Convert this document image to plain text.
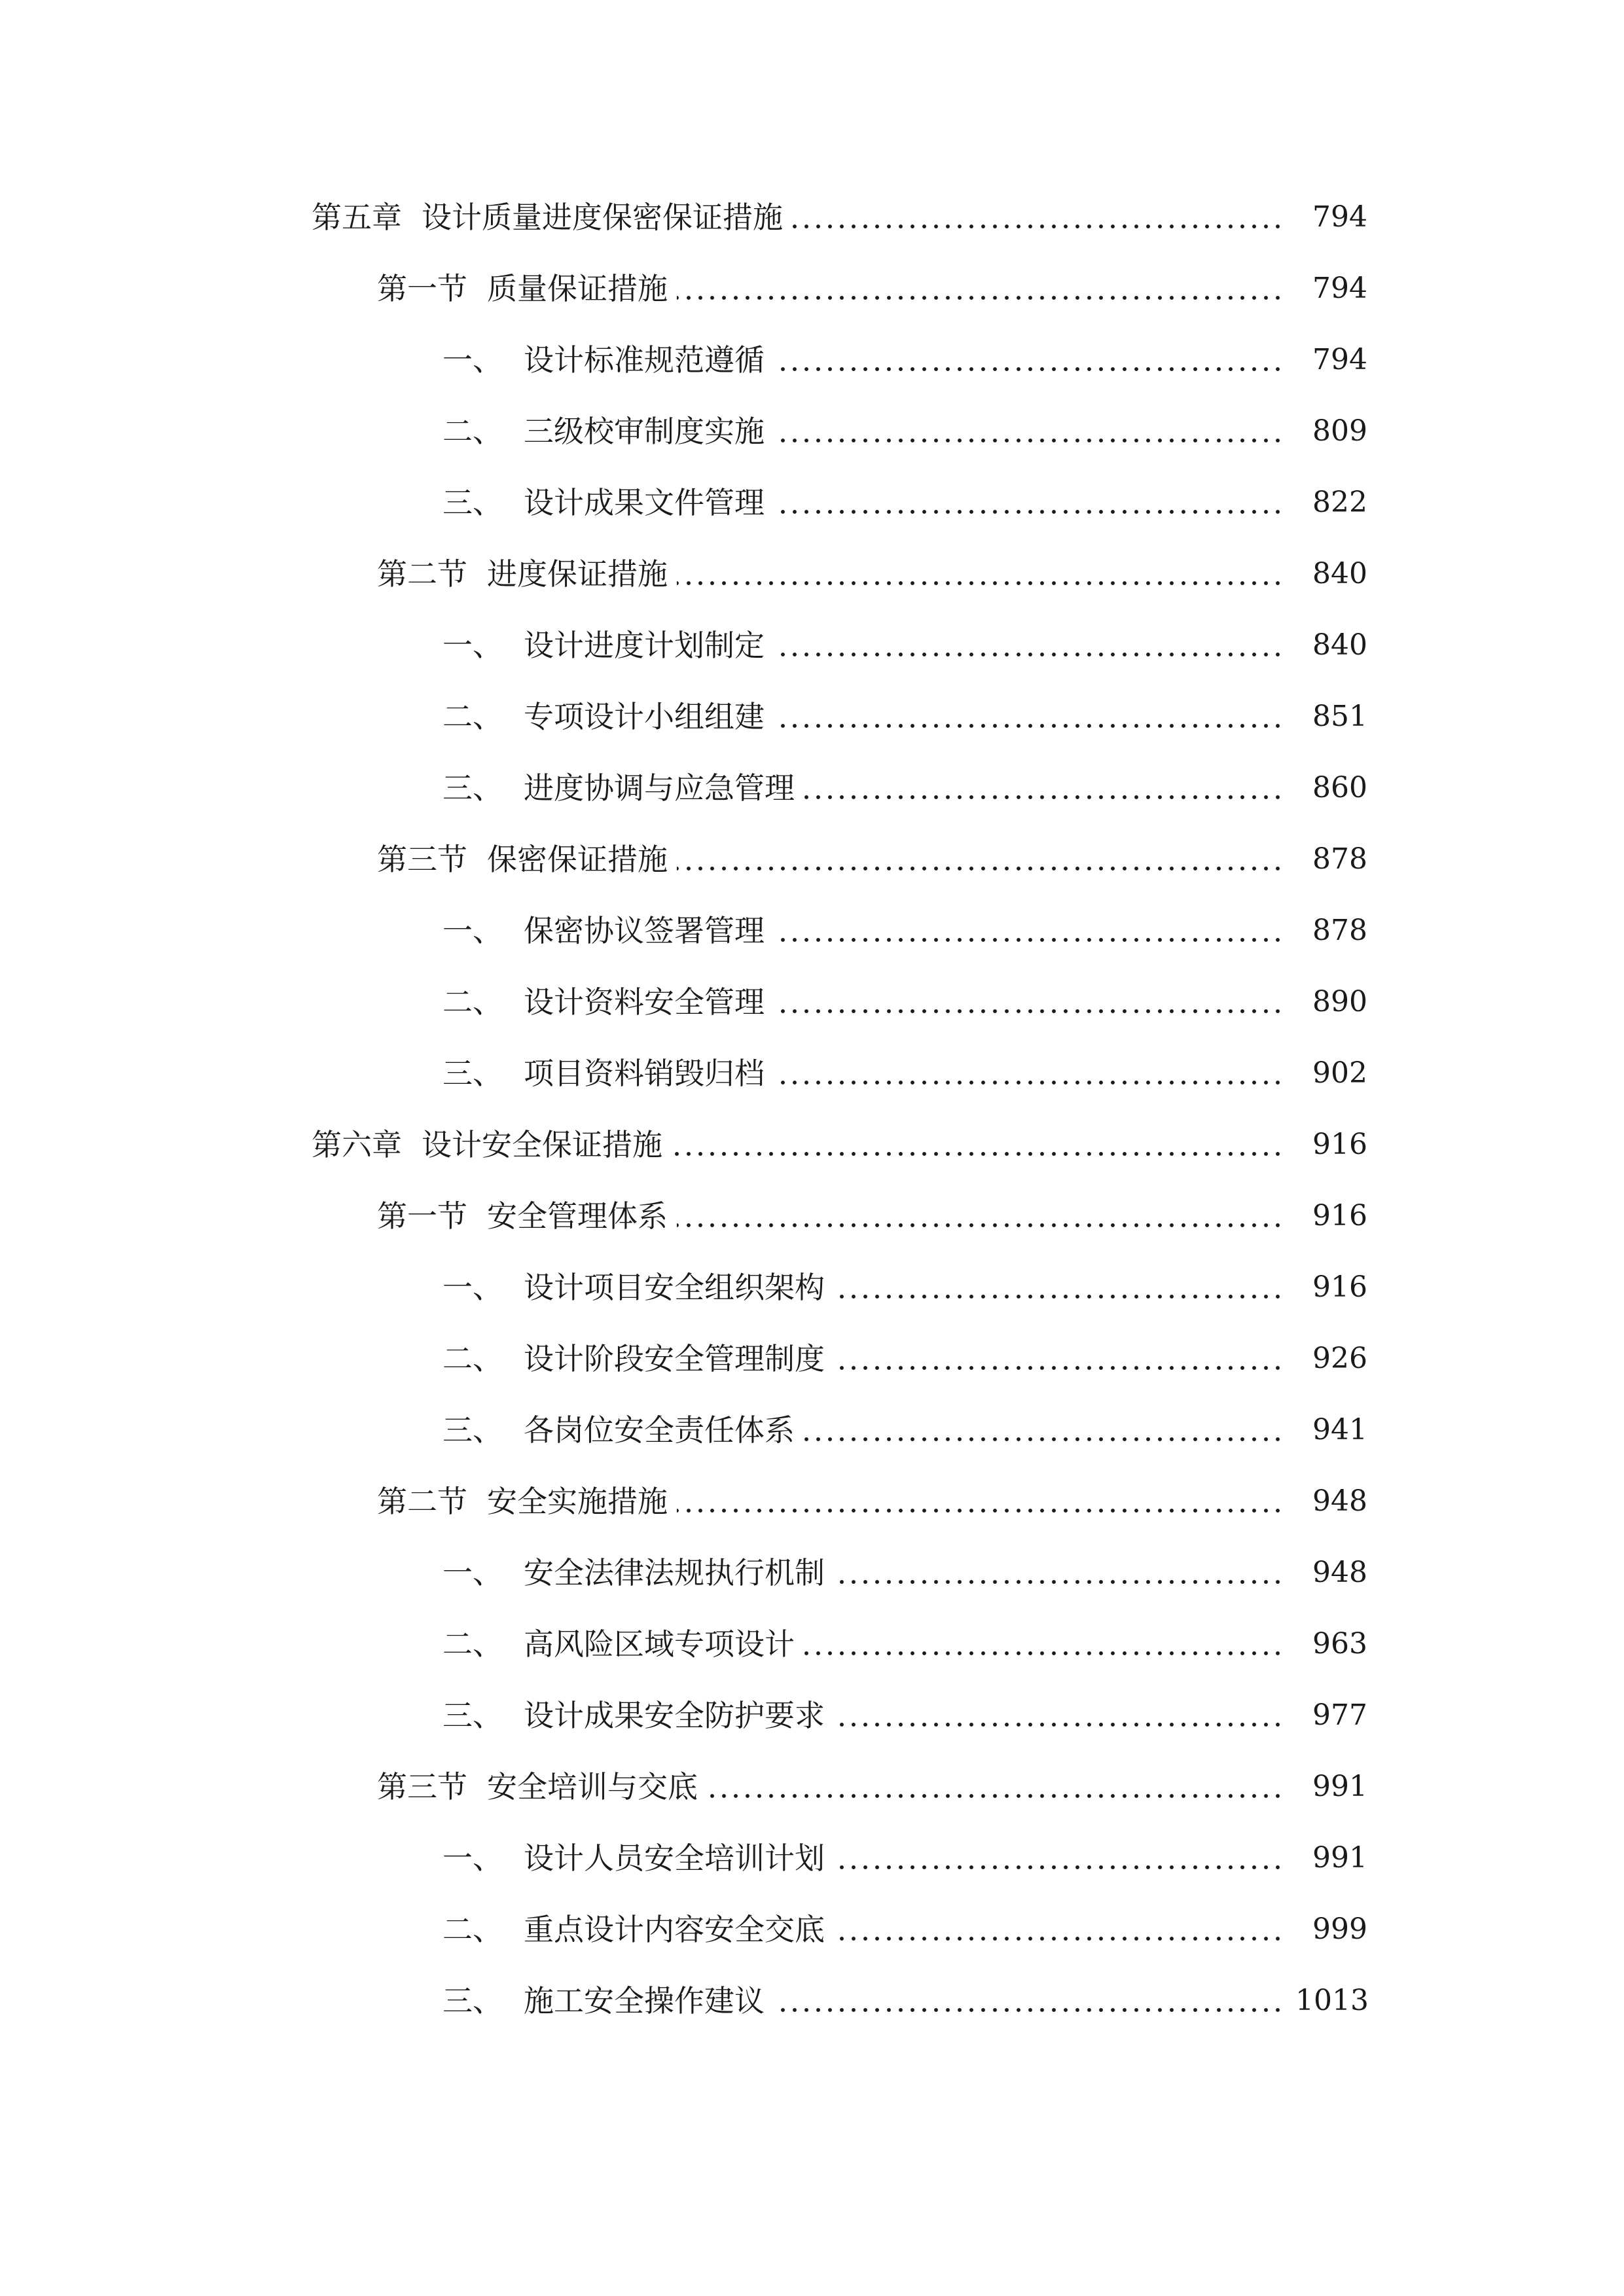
第五章 设计质量进度保密保证措施	794
第一节 质量保证措施	794
一、 设计标准规范遵循	794
二、 三级校审制度实施	809
三、 设计成果文件管理	822
第二节 进度保证措施	840
一、 设计进度计划制定	840
二、 专项设计小组组建	851
三、 进度协调与应急管理	860
第三节 保密保证措施	878
一、 保密协议签署管理	878
二、 设计资料安全管理	890
三、 项目资料销毁归档	902
第六章 设计安全保证措施	916
第一节 安全管理体系	916
一、 设计项目安全组织架构	916
二、 设计阶段安全管理制度	926
三、 各岗位安全责任体系	941
第二节 安全实施措施	948
一、 安全法律法规执行机制	948
二、 高风险区域专项设计	963
三、 设计成果安全防护要求	977
第三节 安全培训与交底	991
一、 设计人员安全培训计划	991
二、 重点设计内容安全交底	999
三、 施工安全操作建议	1013
